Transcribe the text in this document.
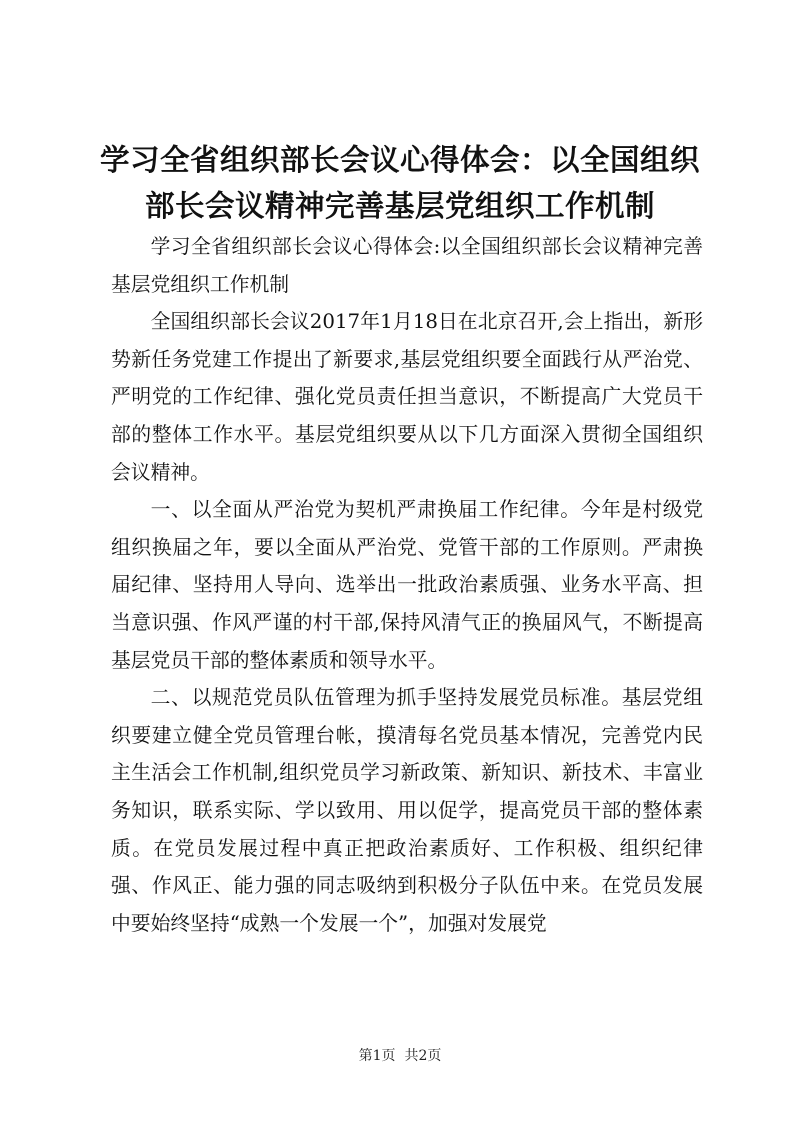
学习全省组织部长会议心得体会：以全国组织部长会议精神完善基层党组织工作机制

学习全省组织部长会议心得体会:以全国组织部长会议精神完善基层党组织工作机制

全国组织部长会议2017年1月18日在北京召开,会上指出，新形势新任务党建工作提出了新要求,基层党组织要全面践行从严治党、严明党的工作纪律、强化党员责任担当意识，不断提高广大党员干部的整体工作水平。基层党组织要从以下几方面深入贯彻全国组织会议精神。

一、以全面从严治党为契机严肃换届工作纪律。今年是村级党组织换届之年，要以全面从严治党、党管干部的工作原则。严肃换届纪律、坚持用人导向、选举出一批政治素质强、业务水平高、担当意识强、作风严谨的村干部,保持风清气正的换届风气，不断提高基层党员干部的整体素质和领导水平。

二、以规范党员队伍管理为抓手坚持发展党员标准。基层党组织要建立健全党员管理台帐，摸清每名党员基本情况，完善党内民主生活会工作机制,组织党员学习新政策、新知识、新技术、丰富业务知识，联系实际、学以致用、用以促学，提高党员干部的整体素质。在党员发展过程中真正把政治素质好、工作积极、组织纪律强、作风正、能力强的同志吸纳到积极分子队伍中来。在党员发展中要始终坚持“成熟一个发展一个”，加强对发展党

第1页  共2页
